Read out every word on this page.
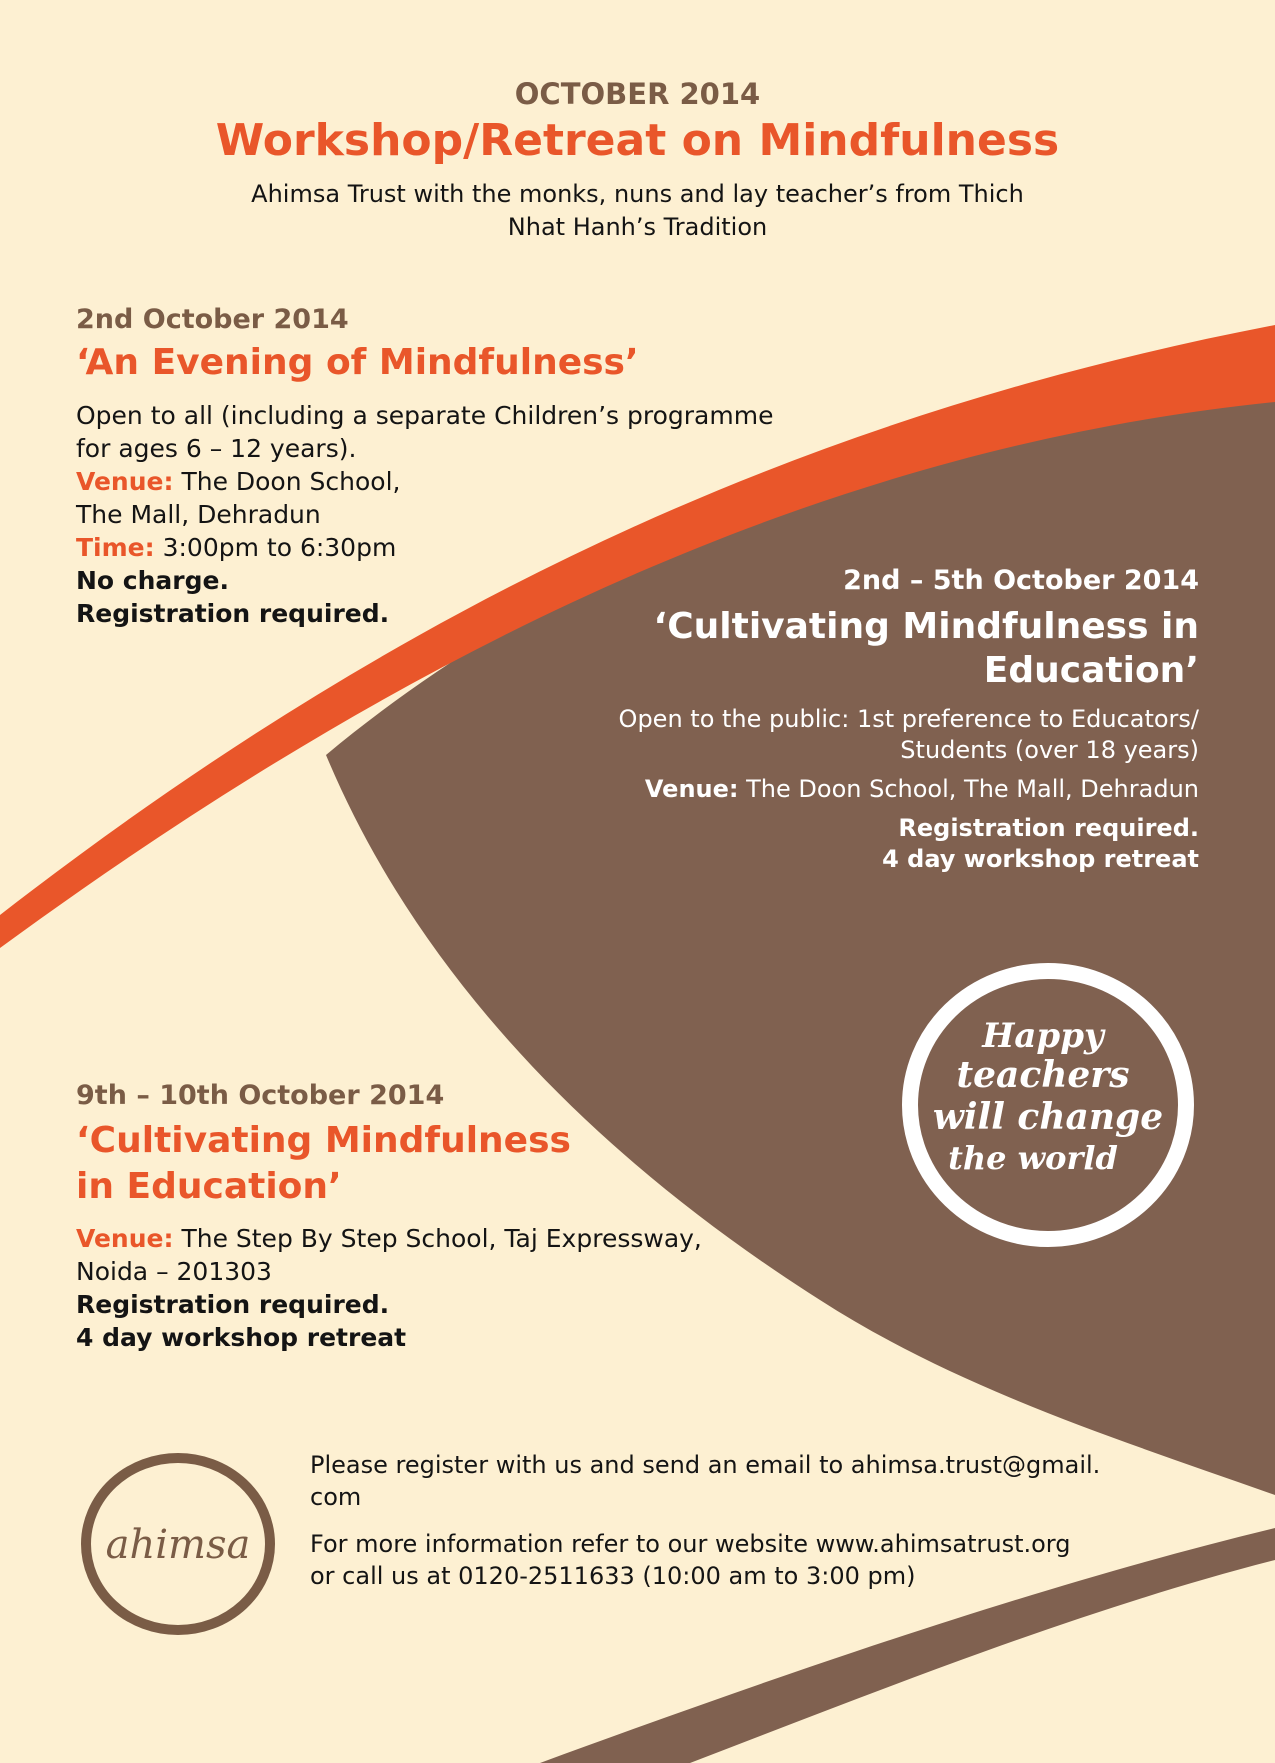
OCTOBER 2014
Workshop/Retreat on Mindfulness
Ahimsa Trust with the monks, nuns and lay teacher’s from Thich
Nhat Hanh’s Tradition
2nd October 2014
‘An Evening of Mindfulness’
Open to all (including a separate Children’s programme
for ages 6 – 12 years).
Venue: The Doon School,
The Mall, Dehradun
Time: 3:00pm to 6:30pm
No charge.
Registration required.
2nd – 5th October 2014
‘Cultivating Mindfulness in
Education’
Open to the public: 1st preference to Educators/
Students (over 18 years)
Venue: The Doon School, The Mall, Dehradun
Registration required.
4 day workshop retreat
Happy
teachers
will change
the world
9th – 10th October 2014
‘Cultivating Mindfulness
in Education’
Venue: The Step By Step School, Taj Expressway,
Noida – 201303
Registration required.
4 day workshop retreat
ahimsa
Please register with us and send an email to ahimsa.trust@gmail.
com
For more information refer to our website www.ahimsatrust.org
or call us at 0120-2511633 (10:00 am to 3:00 pm)
